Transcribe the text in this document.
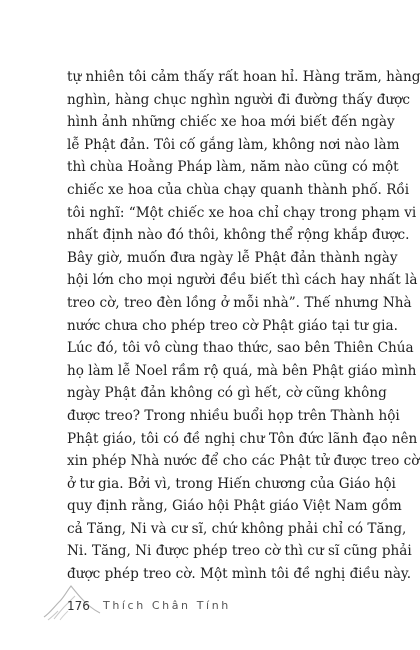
tự nhiên tôi cảm thấy rất hoan hỉ. Hàng trăm, hàng
nghìn, hàng chục nghìn người đi đường thấy được
hình ảnh những chiếc xe hoa mới biết đến ngày
lễ Phật đản. Tôi cố gắng làm, không nơi nào làm
thì chùa Hoằng Pháp làm, năm nào cũng có một
chiếc xe hoa của chùa chạy quanh thành phố. Rồi
tôi nghĩ: “Một chiếc xe hoa chỉ chạy trong phạm vi
nhất định nào đó thôi, không thể rộng khắp được.
Bây giờ, muốn đưa ngày lễ Phật đản thành ngày
hội lớn cho mọi người đều biết thì cách hay nhất là
treo cờ, treo đèn lồng ở mỗi nhà”. Thế nhưng Nhà
nước chưa cho phép treo cờ Phật giáo tại tư gia.
Lúc đó, tôi vô cùng thao thức, sao bên Thiên Chúa
họ làm lễ Noel rầm rộ quá, mà bên Phật giáo mình
ngày Phật đản không có gì hết, cờ cũng không
được treo? Trong nhiều buổi họp trên Thành hội
Phật giáo, tôi có đề nghị chư Tôn đức lãnh đạo nên
xin phép Nhà nước để cho các Phật tử được treo cờ
ở tư gia. Bởi vì, trong Hiến chương của Giáo hội
quy định rằng, Giáo hội Phật giáo Việt Nam gồm
cả Tăng, Ni và cư sĩ, chứ không phải chỉ có Tăng,
Ni. Tăng, Ni được phép treo cờ thì cư sĩ cũng phải
được phép treo cờ. Một mình tôi đề nghị điều này.
176 Thích Chân Tính
